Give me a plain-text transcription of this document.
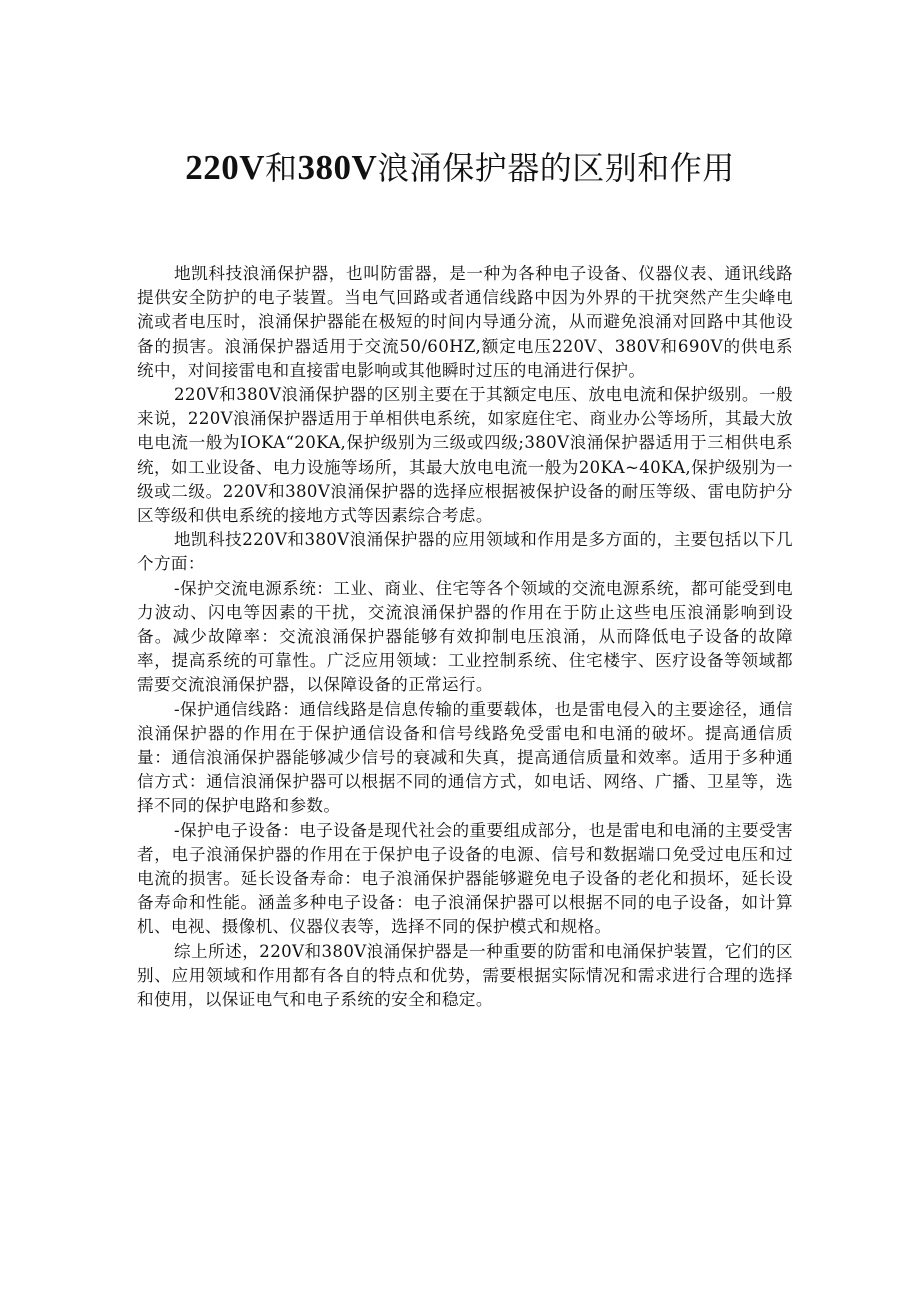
220V和380V浪涌保护器的区别和作用

地凯科技浪涌保护器，也叫防雷器，是一种为各种电子设备、仪器仪表、通讯线路提供安全防护的电子装置。当电气回路或者通信线路中因为外界的干扰突然产生尖峰电流或者电压时，浪涌保护器能在极短的时间内导通分流，从而避免浪涌对回路中其他设备的损害。浪涌保护器适用于交流50/60HZ,额定电压220V、380V和690V的供电系统中，对间接雷电和直接雷电影响或其他瞬时过压的电涌进行保护。

220V和380V浪涌保护器的区别主要在于其额定电压、放电电流和保护级别。一般来说，220V浪涌保护器适用于单相供电系统，如家庭住宅、商业办公等场所，其最大放电电流一般为IOKA“20KA,保护级别为三级或四级;380V浪涌保护器适用于三相供电系统，如工业设备、电力设施等场所，其最大放电电流一般为20KA~40KA,保护级别为一级或二级。220V和380V浪涌保护器的选择应根据被保护设备的耐压等级、雷电防护分区等级和供电系统的接地方式等因素综合考虑。

地凯科技220V和380V浪涌保护器的应用领域和作用是多方面的，主要包括以下几个方面：

-保护交流电源系统：工业、商业、住宅等各个领域的交流电源系统，都可能受到电力波动、闪电等因素的干扰，交流浪涌保护器的作用在于防止这些电压浪涌影响到设备。减少故障率：交流浪涌保护器能够有效抑制电压浪涌，从而降低电子设备的故障率，提高系统的可靠性。广泛应用领域：工业控制系统、住宅楼宇、医疗设备等领域都需要交流浪涌保护器，以保障设备的正常运行。

-保护通信线路：通信线路是信息传输的重要载体，也是雷电侵入的主要途径，通信浪涌保护器的作用在于保护通信设备和信号线路免受雷电和电涌的破坏。提高通信质量：通信浪涌保护器能够减少信号的衰减和失真，提高通信质量和效率。适用于多种通信方式：通信浪涌保护器可以根据不同的通信方式，如电话、网络、广播、卫星等，选择不同的保护电路和参数。

-保护电子设备：电子设备是现代社会的重要组成部分，也是雷电和电涌的主要受害者，电子浪涌保护器的作用在于保护电子设备的电源、信号和数据端口免受过电压和过电流的损害。延长设备寿命：电子浪涌保护器能够避免电子设备的老化和损坏，延长设备寿命和性能。涵盖多种电子设备：电子浪涌保护器可以根据不同的电子设备，如计算机、电视、摄像机、仪器仪表等，选择不同的保护模式和规格。

综上所述，220V和380V浪涌保护器是一种重要的防雷和电涌保护装置，它们的区别、应用领域和作用都有各自的特点和优势，需要根据实际情况和需求进行合理的选择和使用，以保证电气和电子系统的安全和稳定。
